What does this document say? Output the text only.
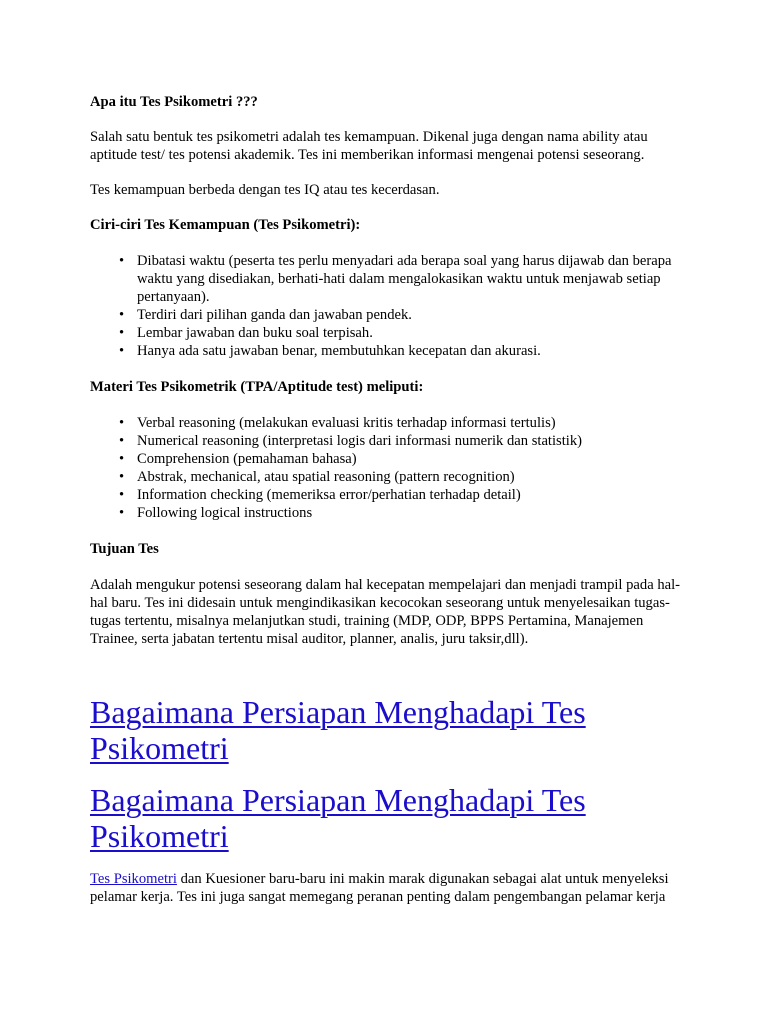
Apa itu Tes Psikometri ???

Salah satu bentuk tes psikometri adalah tes kemampuan. Dikenal juga dengan nama ability atau aptitude test/ tes potensi akademik. Tes ini memberikan informasi mengenai potensi seseorang.

Tes kemampuan berbeda dengan tes IQ atau tes kecerdasan.

Ciri-ciri Tes Kemampuan (Tes Psikometri):

• Dibatasi waktu (peserta tes perlu menyadari ada berapa soal yang harus dijawab dan berapa waktu yang disediakan, berhati-hati dalam mengalokasikan waktu untuk menjawab setiap pertanyaan).
• Terdiri dari pilihan ganda dan jawaban pendek.
• Lembar jawaban dan buku soal terpisah.
• Hanya ada satu jawaban benar, membutuhkan kecepatan dan akurasi.

Materi Tes Psikometrik (TPA/Aptitude test) meliputi:

• Verbal reasoning (melakukan evaluasi kritis terhadap informasi tertulis)
• Numerical reasoning (interpretasi logis dari informasi numerik dan statistik)
• Comprehension (pemahaman bahasa)
• Abstrak, mechanical, atau spatial reasoning (pattern recognition)
• Information checking (memeriksa error/perhatian terhadap detail)
• Following logical instructions

Tujuan Tes

Adalah mengukur potensi seseorang dalam hal kecepatan mempelajari dan menjadi trampil pada hal-hal baru. Tes ini didesain untuk mengindikasikan kecocokan seseorang untuk menyelesaikan tugas-tugas tertentu, misalnya melanjutkan studi, training (MDP, ODP, BPPS Pertamina, Manajemen Trainee, serta jabatan tertentu misal auditor, planner, analis, juru taksir,dll).

Bagaimana Persiapan Menghadapi Tes Psikometri
Bagaimana Persiapan Menghadapi Tes Psikometri

Tes Psikometri dan Kuesioner baru-baru ini makin marak digunakan sebagai alat untuk menyeleksi pelamar kerja. Tes ini juga sangat memegang peranan penting dalam pengembangan pelamar kerja
